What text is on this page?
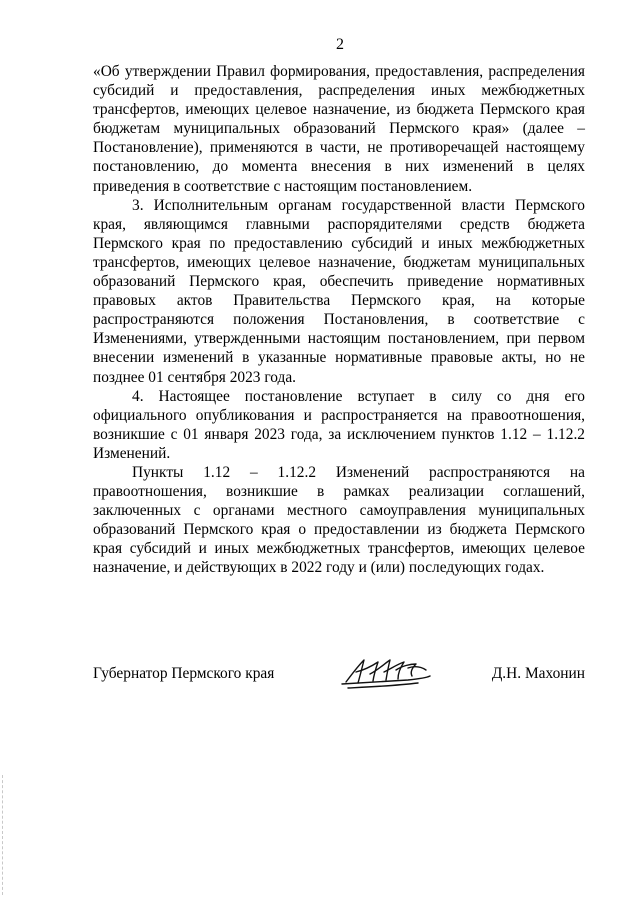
2

«Об утверждении Правил формирования, предоставления, распределения субсидий и предоставления, распределения иных межбюджетных трансфертов, имеющих целевое назначение, из бюджета Пермского края бюджетам муниципальных образований Пермского края» (далее – Постановление), применяются в части, не противоречащей настоящему постановлению, до момента внесения в них изменений в целях приведения в соответствие с настоящим постановлением.

3. Исполнительным органам государственной власти Пермского края, являющимся главными распорядителями средств бюджета Пермского края по предоставлению субсидий и иных межбюджетных трансфертов, имеющих целевое назначение, бюджетам муниципальных образований Пермского края, обеспечить приведение нормативных правовых актов Правительства Пермского края, на которые распространяются положения Постановления, в соответствие с Изменениями, утвержденными настоящим постановлением, при первом внесении изменений в указанные нормативные правовые акты, но не позднее 01 сентября 2023 года.

4. Настоящее постановление вступает в силу со дня его официального опубликования и распространяется на правоотношения, возникшие с 01 января 2023 года, за исключением пунктов 1.12 – 1.12.2 Изменений.

Пункты 1.12 – 1.12.2 Изменений распространяются на правоотношения, возникшие в рамках реализации соглашений, заключенных с органами местного самоуправления муниципальных образований Пермского края о предоставлении из бюджета Пермского края субсидий и иных межбюджетных трансфертов, имеющих целевое назначение, и действующих в 2022 году и (или) последующих годах.

Губернатор Пермского края	Д.Н. Махонин
